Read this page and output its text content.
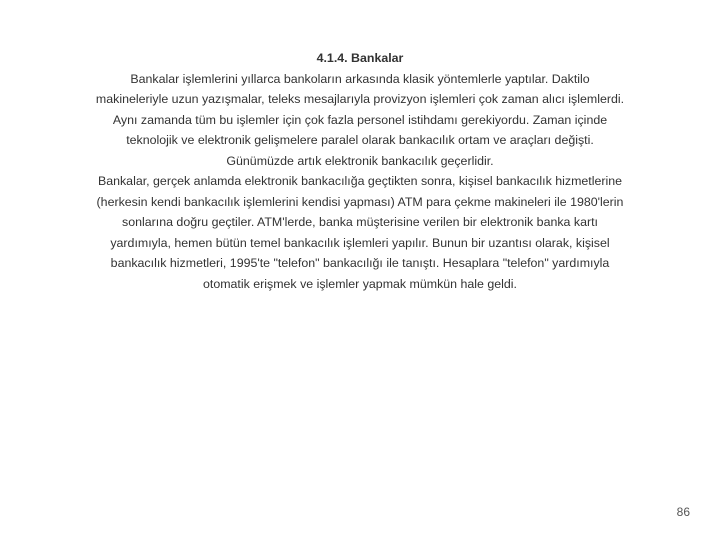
4.1.4. Bankalar

Bankalar işlemlerini yıllarca bankoların arkasında klasik yöntemlerle yaptılar. Daktilo makineleriyle uzun yazışmalar, teleks mesajlarıyla provizyon işlemleri çok zaman alıcı işlemlerdi. Aynı zamanda tüm bu işlemler için çok fazla personel istihdamı gerekiyordu. Zaman içinde teknolojik ve elektronik gelişmelere paralel olarak bankacılık ortam ve araçları değişti. Günümüzde artık elektronik bankacılık geçerlidir.

Bankalar, gerçek anlamda elektronik bankacılığa geçtikten sonra, kişisel bankacılık hizmetlerine (herkesin kendi bankacılık işlemlerini kendisi yapması) ATM para çekme makineleri ile 1980'lerin sonlarına doğru geçtiler. ATM'lerde, banka müşterisine verilen bir elektronik banka kartı yardımıyla, hemen bütün temel bankacılık işlemleri yapılır. Bunun bir uzantısı olarak, kişisel bankacılık hizmetleri, 1995'te "telefon" bankacılığı ile tanıştı. Hesaplara "telefon" yardımıyla otomatik erişmek ve işlemler yapmak mümkün hale geldi.

86
